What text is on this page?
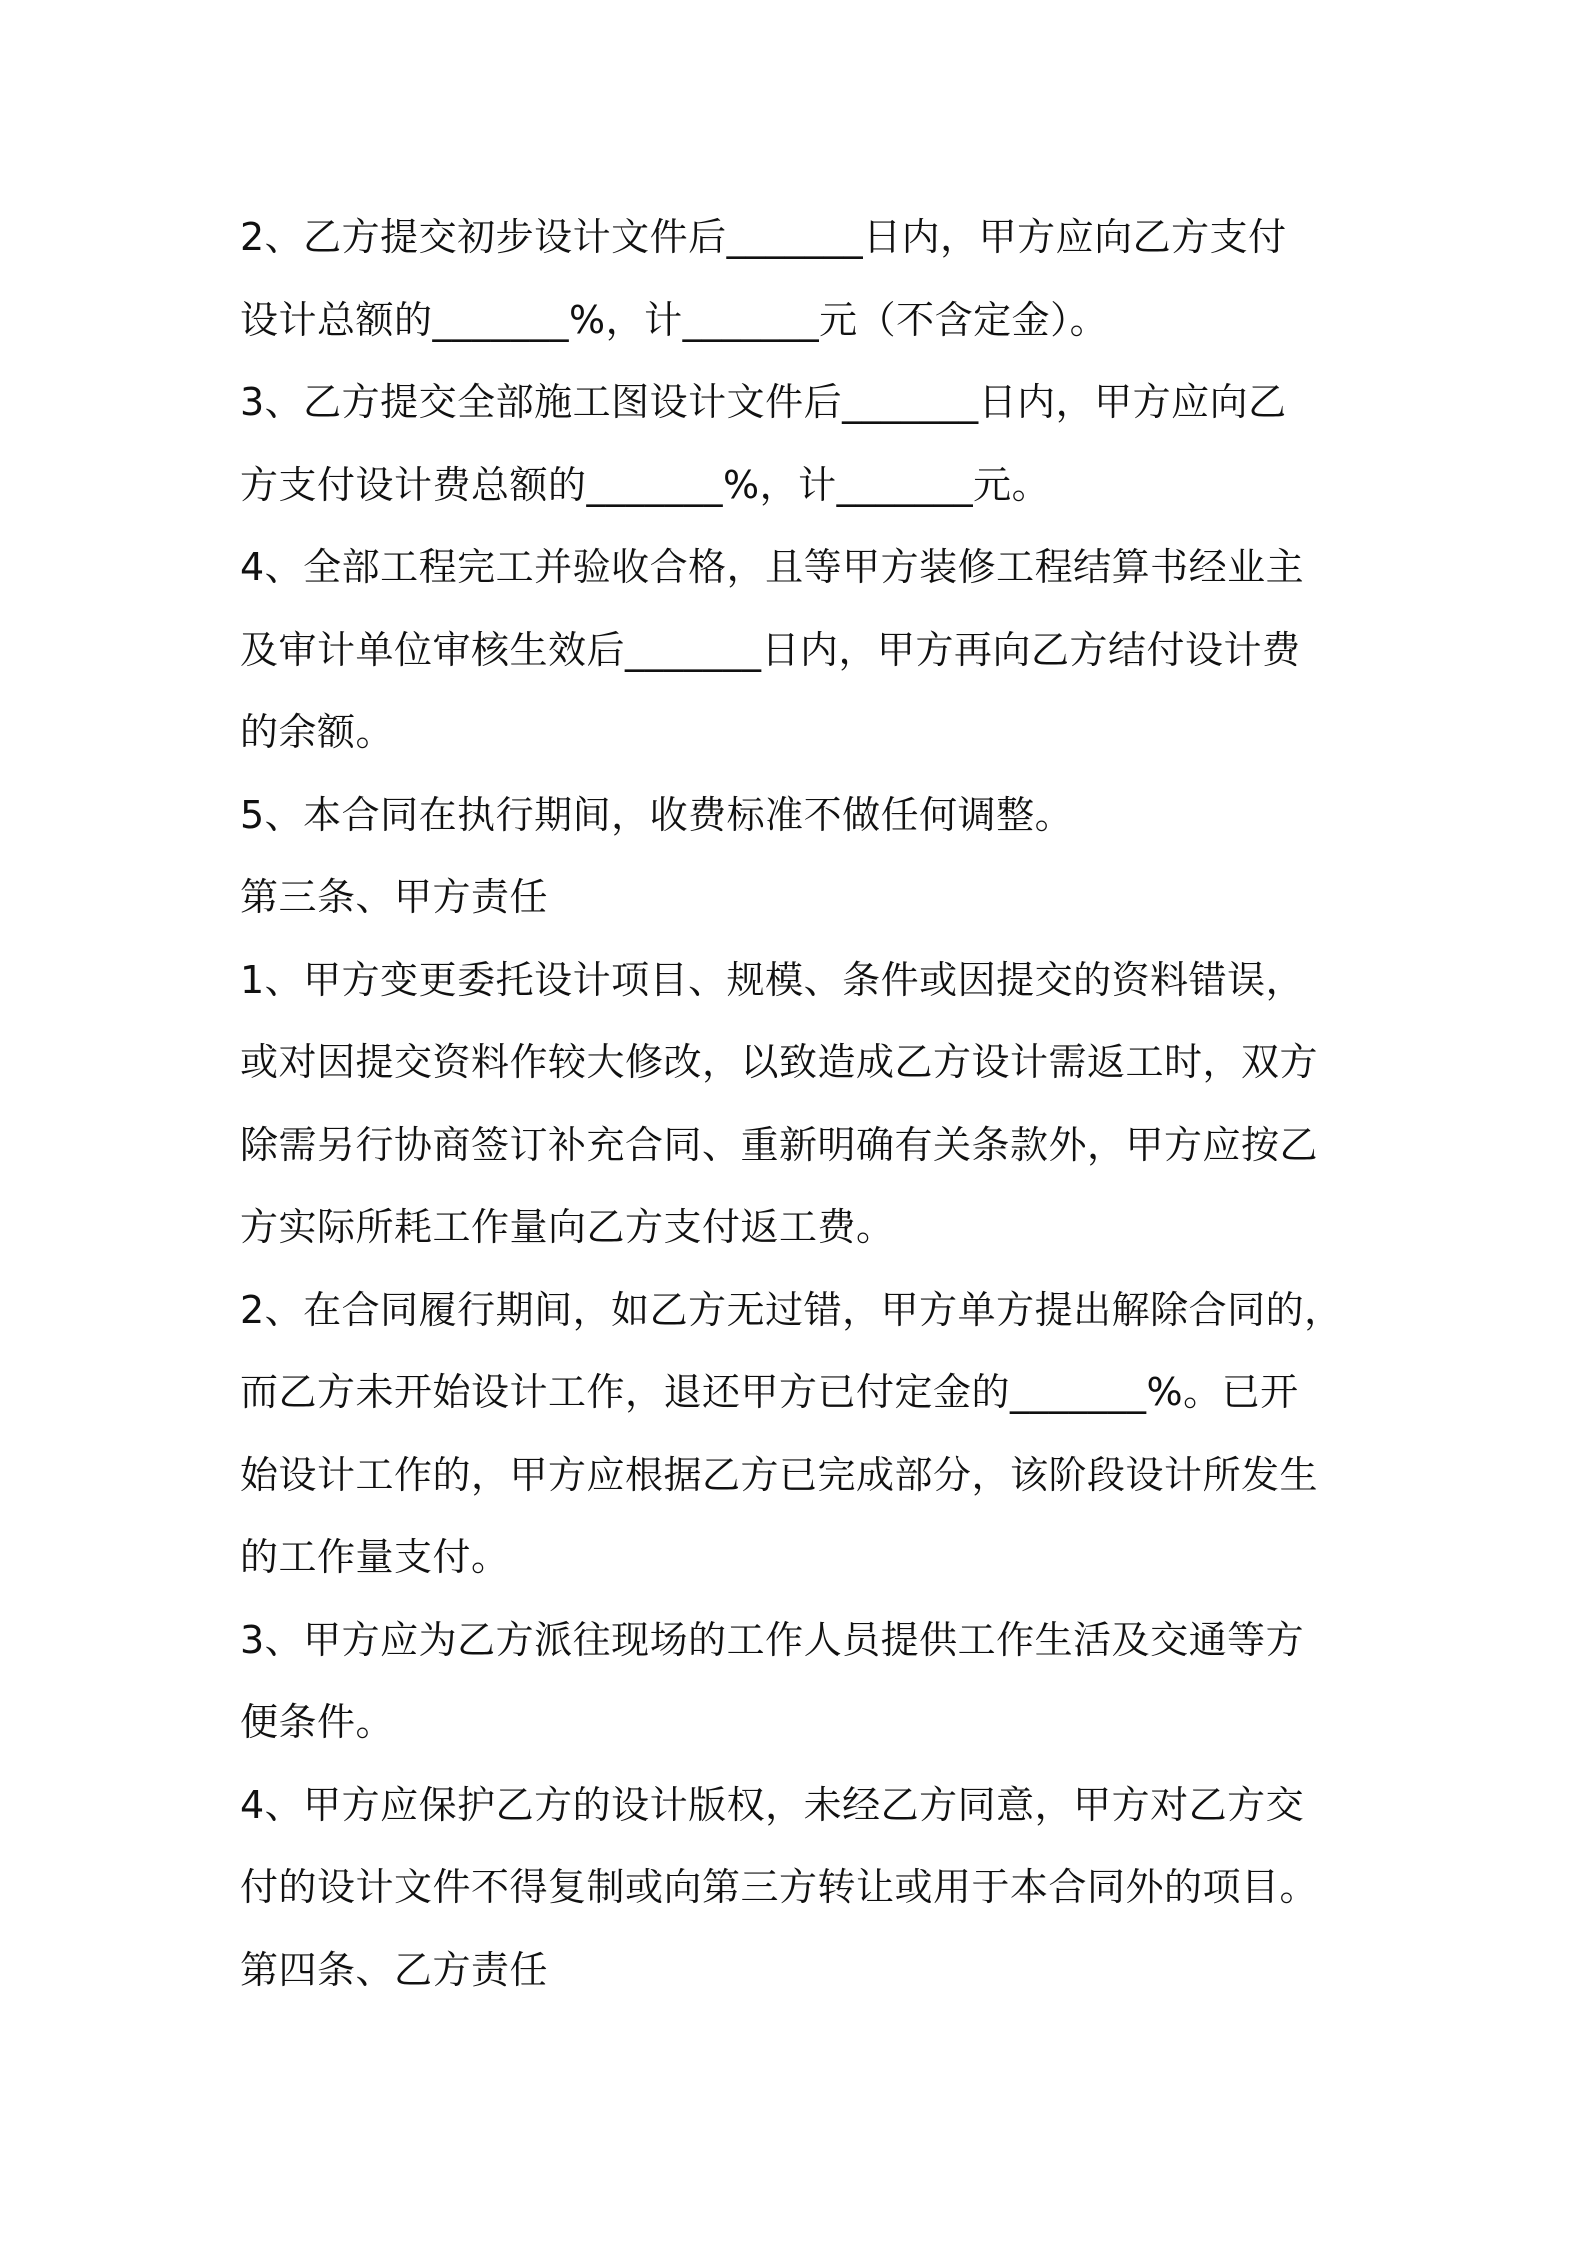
2、乙方提交初步设计文件后_______日内，甲方应向乙方支付
设计总额的_______%，计_______元（不含定金）。
3、乙方提交全部施工图设计文件后_______日内，甲方应向乙
方支付设计费总额的_______%，计_______元。
4、全部工程完工并验收合格，且等甲方装修工程结算书经业主
及审计单位审核生效后_______日内，甲方再向乙方结付设计费
的余额。
5、本合同在执行期间，收费标准不做任何调整。
第三条、甲方责任
1、甲方变更委托设计项目、规模、条件或因提交的资料错误，
或对因提交资料作较大修改，以致造成乙方设计需返工时，双方
除需另行协商签订补充合同、重新明确有关条款外，甲方应按乙
方实际所耗工作量向乙方支付返工费。
2、在合同履行期间，如乙方无过错，甲方单方提出解除合同的，
而乙方未开始设计工作，退还甲方已付定金的_______%。已开
始设计工作的，甲方应根据乙方已完成部分，该阶段设计所发生
的工作量支付。
3、甲方应为乙方派往现场的工作人员提供工作生活及交通等方
便条件。
4、甲方应保护乙方的设计版权，未经乙方同意，甲方对乙方交
付的设计文件不得复制或向第三方转让或用于本合同外的项目。
第四条、乙方责任
